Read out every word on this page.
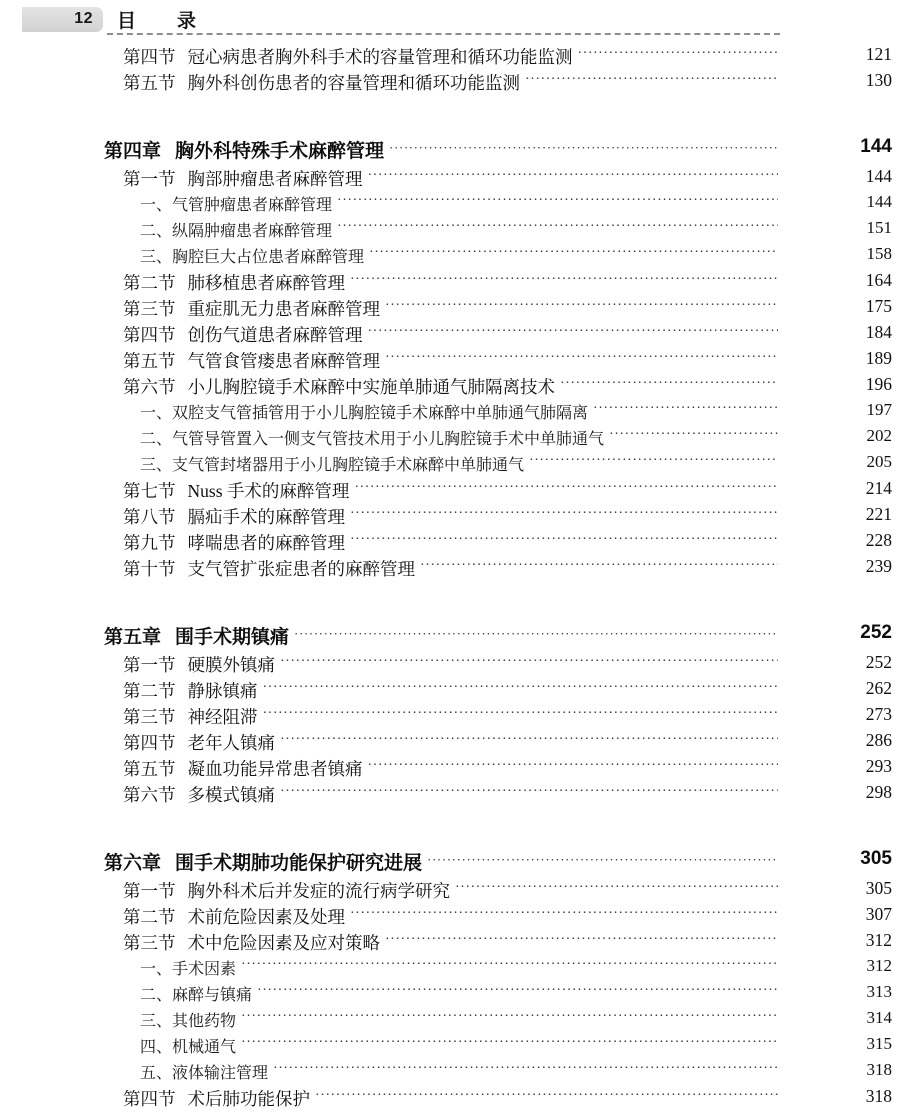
12 目　录
第四节 冠心病患者胸外科手术的容量管理和循环功能监测 ·····	121
第五节 胸外科创伤患者的容量管理和循环功能监测 ·····	130
第四章 胸外科特殊手术麻醉管理 ·····	144
第一节 胸部肿瘤患者麻醉管理 ·····	144
一、 气管肿瘤患者麻醉管理 ·····	144
二、 纵隔肿瘤患者麻醉管理 ·····	151
三、 胸腔巨大占位患者麻醉管理 ·····	158
第二节 肺移植患者麻醉管理 ·····	164
第三节 重症肌无力患者麻醉管理 ·····	175
第四节 创伤气道患者麻醉管理 ·····	184
第五节 气管食管瘘患者麻醉管理 ·····	189
第六节 小儿胸腔镜手术麻醉中实施单肺通气肺隔离技术 ·····	196
一、 双腔支气管插管用于小儿胸腔镜手术麻醉中单肺通气肺隔离 ·····	197
二、 气管导管置入一侧支气管技术用于小儿胸腔镜手术中单肺通气 ·····	202
三、 支气管封堵器用于小儿胸腔镜手术麻醉中单肺通气 ·····	205
第七节 Nuss 手术的麻醉管理 ·····	214
第八节 膈疝手术的麻醉管理 ·····	221
第九节 哮喘患者的麻醉管理 ·····	228
第十节 支气管扩张症患者的麻醉管理 ·····	239
第五章 围手术期镇痛 ·····	252
第一节 硬膜外镇痛 ·····	252
第二节 静脉镇痛 ·····	262
第三节 神经阻滞 ·····	273
第四节 老年人镇痛 ·····	286
第五节 凝血功能异常患者镇痛 ·····	293
第六节 多模式镇痛 ·····	298
第六章 围手术期肺功能保护研究进展 ·····	305
第一节 胸外科术后并发症的流行病学研究 ·····	305
第二节 术前危险因素及处理 ·····	307
第三节 术中危险因素及应对策略 ·····	312
一、 手术因素 ·····	312
二、 麻醉与镇痛 ·····	313
三、 其他药物 ·····	314
四、 机械通气 ·····	315
五、 液体输注管理 ·····	318
第四节 术后肺功能保护 ·····	318
